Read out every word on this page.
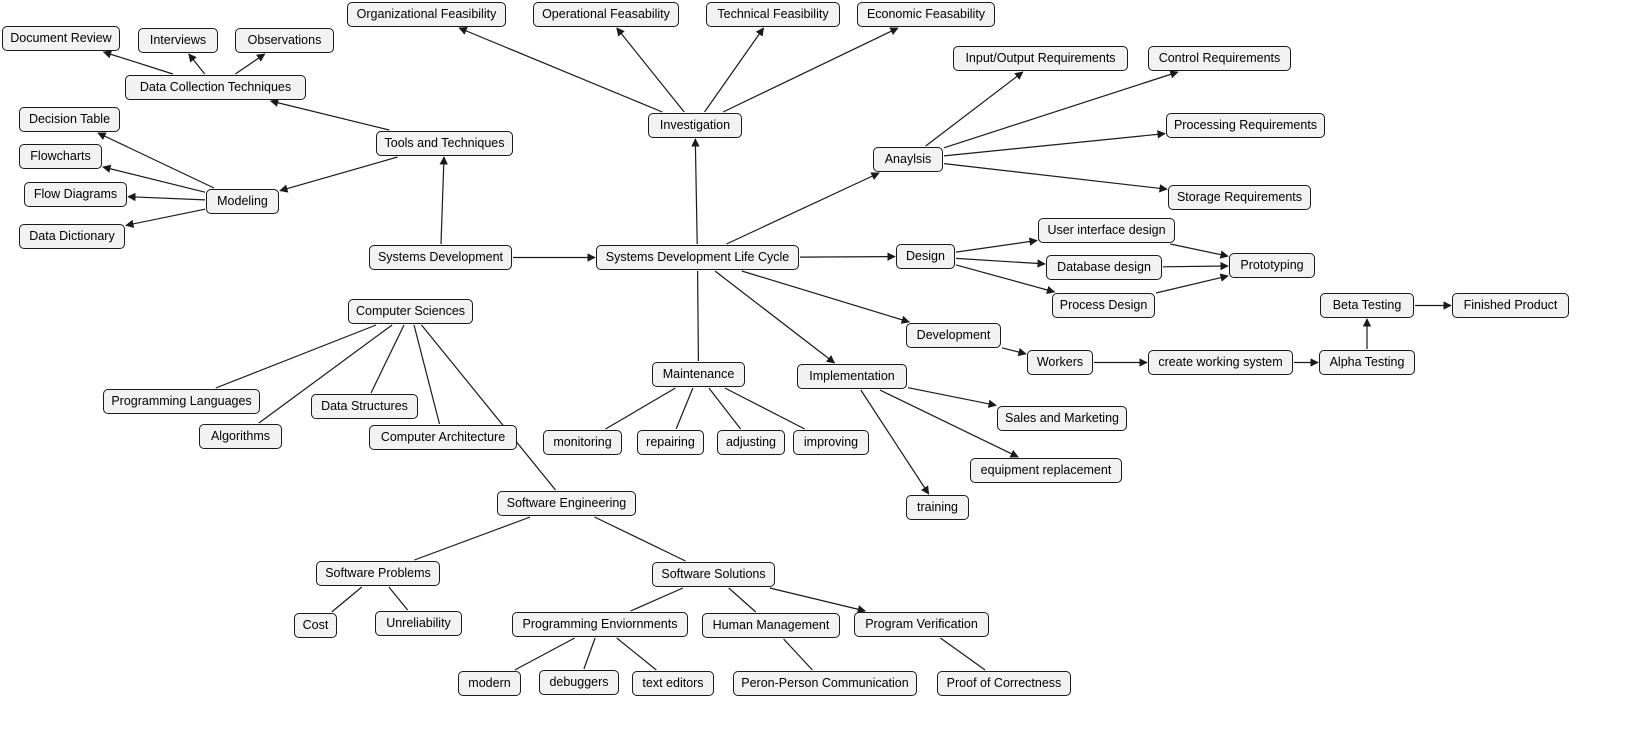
Document Review	Interviews	Observations
Data Collection Techniques
Decision Table
Flowcharts
Flow Diagrams
Data Dictionary
Modeling
Tools and Techniques
Organizational Feasibility	Operational Feasability	Technical Feasibility	Economic Feasability
Investigation
Systems Development	Systems Development Life Cycle
Anaylsis
Input/Output Requirements	Control Requirements
Processing Requirements
Storage Requirements
Design
User interface design
Database design
Process Design
Prototyping
Development
Workers	create working system	Alpha Testing
Beta Testing	Finished Product
Implementation
Sales and Marketing
equipment replacement
training
Maintenance
monitoring	repairing adjusting improving
Computer Sciences
Programming Languages
Algorithms
Data Structures
Computer Architecture
Software Engineering
Software Problems
Cost	Unreliability
Software Solutions
Programming Enviornments	Human Management	Program Verification
modern	debuggers	text editors	Peron-Person Communication	Proof of Correctness
